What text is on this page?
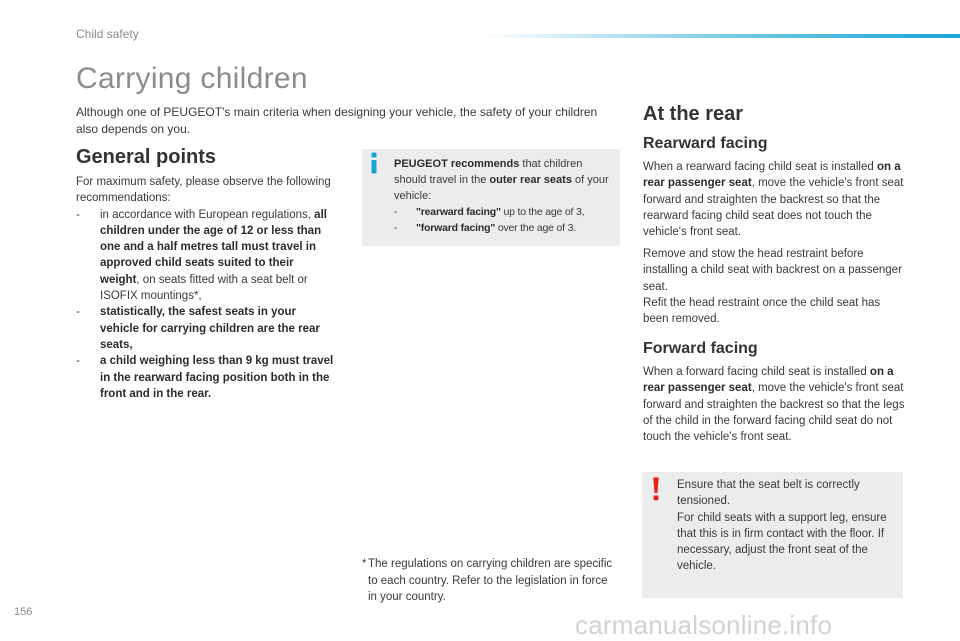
Child safety
Carrying children
Although one of PEUGEOT's main criteria when designing your vehicle, the safety of your children also depends on you.
General points

For maximum safety, please observe the following recommendations:

-	in accordance with European regulations, all children under the age of 12 or less than one and a half metres tall must travel in approved child seats suited to their weight, on seats fitted with a seat belt or ISOFIX mountings*,
-	statistically, the safest seats in your vehicle for carrying children are the rear seats,
-	a child weighing less than 9 kg must travel in the rearward facing position both in the front and in the rear.

PEUGEOT recommends that children should travel in the outer rear seats of your vehicle:

-	"rearward facing" up to the age of 3,
-	"forward facing" over the age of 3.
* The regulations on carrying children are specific to each country. Refer to the legislation in force in your country.
At the rear
Rearward facing
When a rearward facing child seat is installed on a rear passenger seat, move the vehicle's front seat forward and straighten the backrest so that the rearward facing child seat does not touch the vehicle's front seat.

Remove and stow the head restraint before installing a child seat with backrest on a passenger seat.

Refit the head restraint once the child seat has been removed.

Forward facing
When a forward facing child seat is installed on a rear passenger seat, move the vehicle's front seat forward and straighten the backrest so that the legs of the child in the forward facing child seat do not touch the vehicle's front seat.
Ensure that the seat belt is correctly tensioned.
For child seats with a support leg, ensure that this is in firm contact with the floor. If necessary, adjust the front seat of the vehicle.
156	carmanualsonline.info
